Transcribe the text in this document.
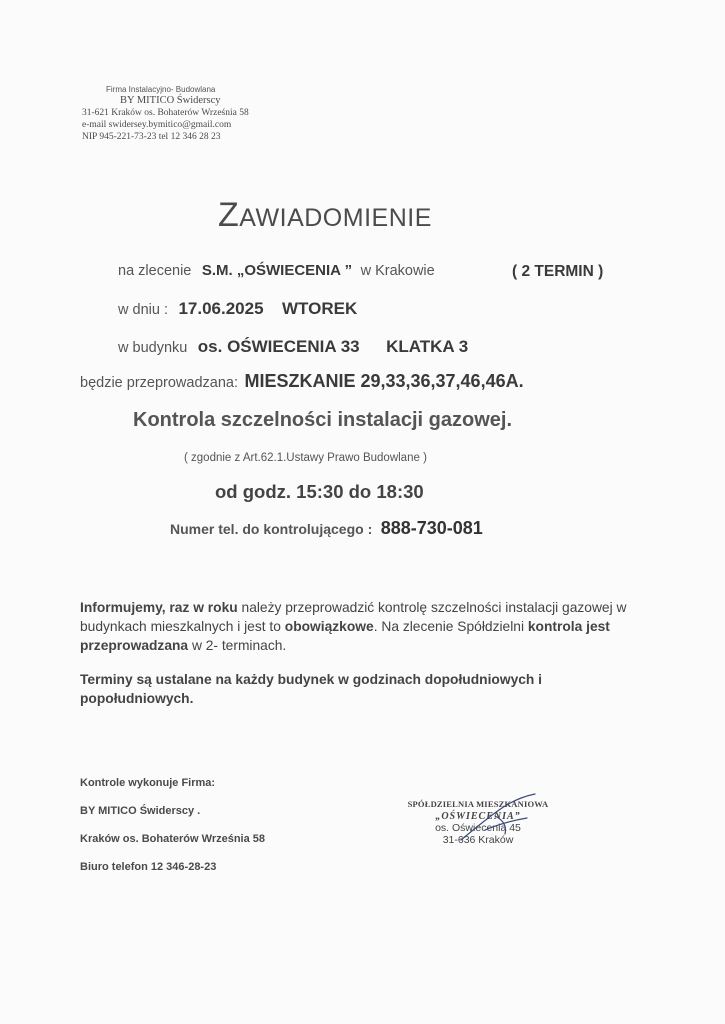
Firma Instalacyjno- Budowlana
BY MITICO Świderscy
31-621 Kraków os. Bohaterów Września 58
e-mail swidersey.bymitico@gmail.com
NIP 945-221-73-23 tel 12 346 28 23
ZAWIADOMIENIE
na zlecenie S.M. „OŚWIECENIA ” w Krakowie	( 2 TERMIN )
w dniu : 17.06.2025 WTOREK
w budynku os. OŚWIECENIA 33 KLATKA 3
będzie przeprowadzana: MIESZKANIE 29,33,36,37,46,46A.
Kontrola szczelności instalacji gazowej.
( zgodnie z Art.62.1.Ustawy Prawo Budowlane )
od godz. 15:30 do 18:30
Numer tel. do kontrolującego : 888-730-081
Informujemy, raz w roku należy przeprowadzić kontrolę szczelności instalacji gazowej w budynkach mieszkalnych i jest to obowiązkowe. Na zlecenie Spółdzielni kontrola jest przeprowadzana w 2- terminach.
Terminy są ustalane na każdy budynek w godzinach dopołudniowych i popołudniowych.
Kontrole wykonuje Firma:
BY MITICO Świderscy .
Kraków os. Bohaterów Września 58
Biuro telefon 12 346-28-23
SPÓŁDZIELNIA MIESZKANIOWA
„OŚWIECENIA”
os. Oświecenia 45
31-636 Kraków
